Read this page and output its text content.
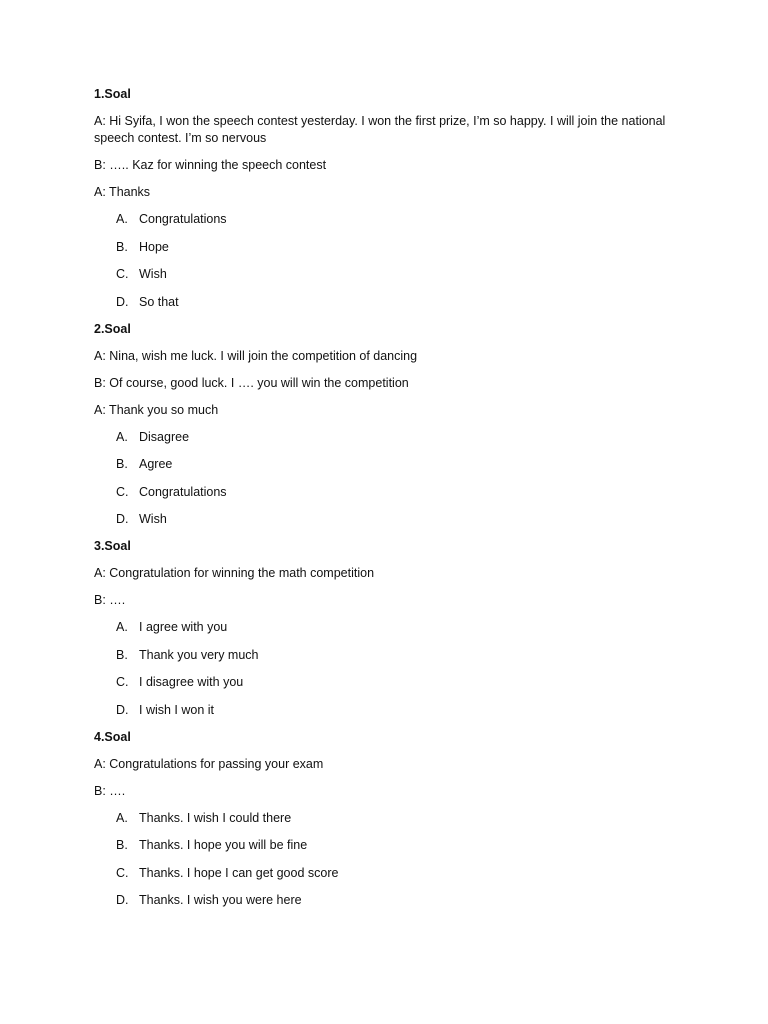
1.Soal
A: Hi Syifa, I won the speech contest yesterday. I won the first prize, I’m so happy. I will join the national speech contest. I’m so nervous
B: ….. Kaz for winning the speech contest
A: Thanks
A. Congratulations
B. Hope
C. Wish
D. So that
2.Soal
A: Nina, wish me luck. I will join the competition of dancing
B: Of course, good luck. I …. you will win the competition
A: Thank you so much
A. Disagree
B. Agree
C. Congratulations
D. Wish
3.Soal
A: Congratulation for winning the math competition
B: ….
A. I agree with you
B. Thank you very much
C. I disagree with you
D. I wish I won it
4.Soal
A: Congratulations for passing your exam
B: ….
A. Thanks. I wish I could there
B. Thanks. I hope you will be fine
C. Thanks. I hope I can get good score
D. Thanks. I wish you were here
